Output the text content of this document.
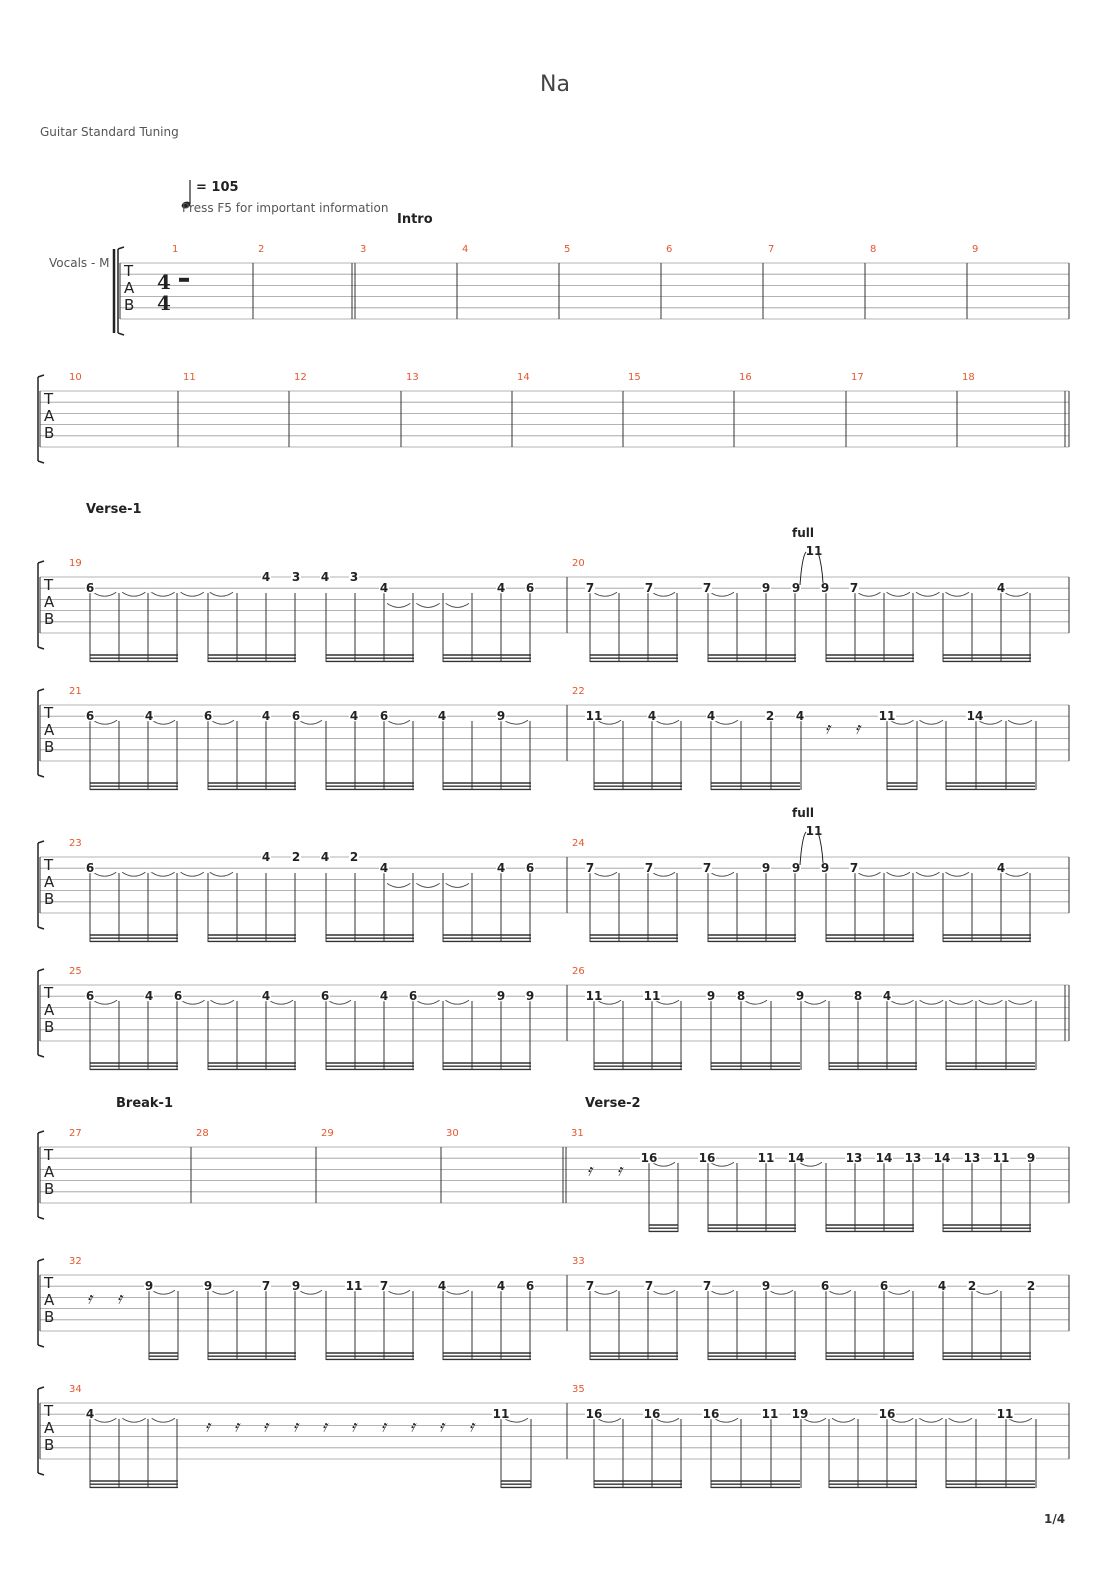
Na
Guitar Standard Tuning
= 105
Press F5 for important information
Vocals - M
1/4
T
A
B
4
4
1	2	3	4	5	6	7	8	9
Intro
T
A
B
10	11	12	13	14	15	16	17	18
T
A
B
19	20
Verse-1
6
4 3 4 3
4	4 6	7	7	7	9 9 9 7	4
full
11
T
A
B
21	22
𝄿 𝄿
6	4	6	4 6	4 6	4	9	11	4	4	2 4	11	14
T
A
B
23	24
6
4 2 4 2
4	4 6	7	7	7	9 9 9 7	4
full
11
T
A
B
25	26
6	4 6	4	6	4 6	9 9	11	11	9 8	9	8 4
T
A
B
27	28	29	30	31
Break-1	Verse-2
𝄿 𝄿
16	16	11 14	13 14 13 14 13 11 9
T
A
B
32	33
𝄿 𝄿
9	9	7 9	11 7	4	4 6	7	7	7	9	6	6	4 2	2
T
A
B
34	35
𝄿 𝄿 𝄿 𝄿 𝄿 𝄿 𝄿 𝄿 𝄿 𝄿
4	11	16	16	16	11 19	16	11
